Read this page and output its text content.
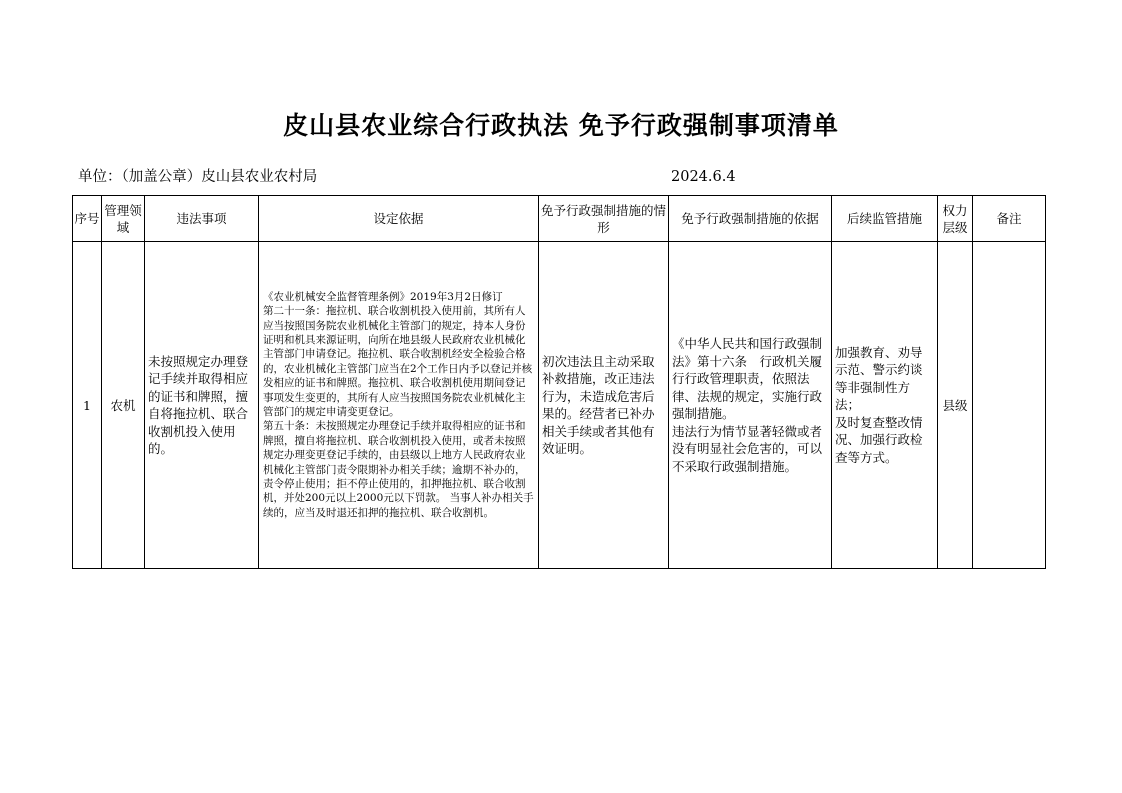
皮山县农业综合行政执法 免予行政强制事项清单
单位：（加盖公章）皮山县农业农村局	2024.6.4
序号	管理领域	违法事项	设定依据	免予行政强制措施的情形	免予行政强制措施的依据	后续监管措施	权力层级	备注
1	农机	未按照规定办理登记手续并取得相应的证书和牌照，擅自将拖拉机、联合收割机投入使用的。	《农业机械安全监督管理条例》2019年3月2日修订
第二十一条：拖拉机、联合收割机投入使用前，其所有人应当按照国务院农业机械化主管部门的规定，持本人身份证明和机具来源证明，向所在地县级人民政府农业机械化主管部门申请登记。拖拉机、联合收割机经安全检验合格的，农业机械化主管部门应当在2个工作日内予以登记并核发相应的证书和牌照。拖拉机、联合收割机使用期间登记事项发生变更的，其所有人应当按照国务院农业机械化主管部门的规定申请变更登记。
第五十条：未按照规定办理登记手续并取得相应的证书和牌照，擅自将拖拉机、联合收割机投入使用，或者未按照规定办理变更登记手续的，由县级以上地方人民政府农业机械化主管部门责令限期补办相关手续；逾期不补办的，责令停止使用；拒不停止使用的，扣押拖拉机、联合收割机，并处200元以上2000元以下罚款。 当事人补办相关手续的，应当及时退还扣押的拖拉机、联合收割机。	初次违法且主动采取补救措施，改正违法行为，未造成危害后果的。经营者已补办相关手续或者其他有效证明。	《中华人民共和国行政强制法》第十六条　行政机关履行行政管理职责，依照法律、法规的规定，实施行政强制措施。
违法行为情节显著轻微或者没有明显社会危害的，可以不采取行政强制措施。	加强教育、劝导示范、警示约谈等非强制性方法；
及时复查整改情况、加强行政检查等方式。	县级	
